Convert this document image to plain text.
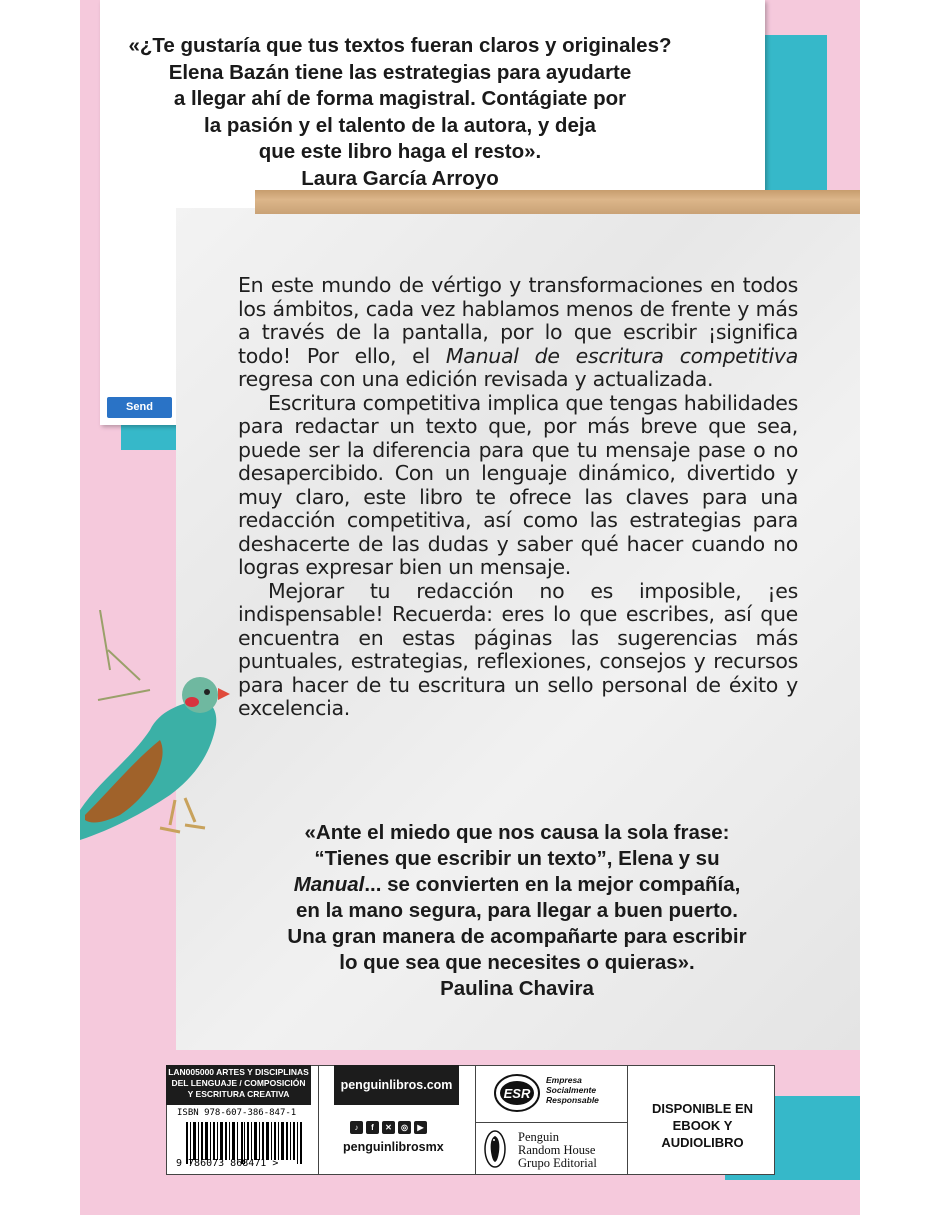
«¿Te gustaría que tus textos fueran claros y originales?

Elena Bazán tiene las estrategias para ayudarte

a llegar ahí de forma magistral. Contágiate por

la pasión y el talento de la autora, y deja

que este libro haga el resto».

Laura García Arroyo

Send

En este mundo de vértigo y transformaciones en todos los ámbitos, cada vez hablamos menos de frente y más a través de la pantalla, por lo que escribir ¡significa todo! Por ello, el Manual de escritura competitiva regresa con una edición revisada y actualizada.

Escritura competitiva implica que tengas habilidades para redactar un texto que, por más breve que sea, puede ser la diferencia para que tu mensaje pase o no desapercibido. Con un lenguaje dinámico, divertido y muy claro, este libro te ofrece las claves para una redacción competitiva, así como las estrategias para deshacerte de las dudas y saber qué hacer cuando no logras expresar bien un mensaje.

Mejorar tu redacción no es imposible, ¡es indispensable! Recuerda: eres lo que escribes, así que encuentra en estas páginas las sugerencias más puntuales, estrategias, reflexiones, consejos y recursos para hacer de tu escritura un sello personal de éxito y excelencia.

«Ante el miedo que nos causa la sola frase:

“Tienes que escribir un texto”, Elena y su

Manual... se convierten en la mejor compañía,

en la mano segura, para llegar a buen puerto.

Una gran manera de acompañarte para escribir

lo que sea que necesites o quieras».

Paulina Chavira

LAN005000 ARTES Y DISCIPLINAS DEL LENGUAJE / COMPOSICIÓN Y ESCRITURA CREATIVA
ISBN 978-607-386-847-1
9 786073 868471 >
penguinlibros.com
♪	f	✕	◎	▶
penguinlibrosmx
ESR
Empresa
Socialmente
Responsable
Penguin
Random House
Grupo Editorial
DISPONIBLE EN
EBOOK Y AUDIOLIBRO
